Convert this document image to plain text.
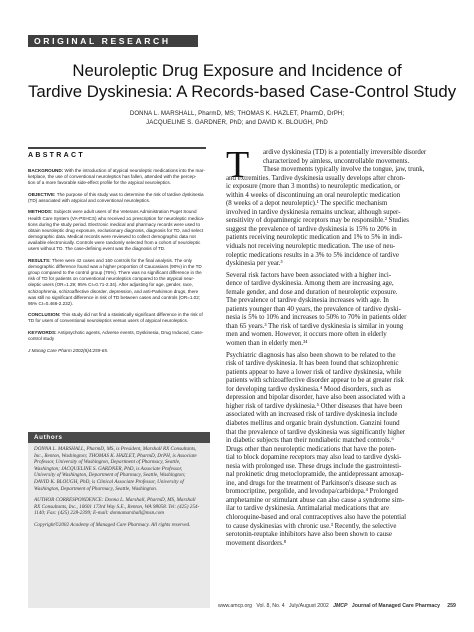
ORIGINAL RESEARCH
Neuroleptic Drug Exposure and Incidence of
Tardive Dyskinesia: A Records-based Case-Control Study
DONNA L. MARSHALL, PharmD, MS; THOMAS K. HAZLET, PharmD, DrPH;
JACQUELINE S. GARDNER, PhD; and DAVID K. BLOUGH, PhD
ABSTRACT
BACKGROUND: With the introduction of atypical neuroleptic medications into the mar-
ketplace, the use of conventional neuroleptics has fallen, attended with the percep-
tion of a more favorable side-effect profile for the atypical neuroleptics.
OBJECTIVE: The purpose of this study was to determine the risk of tardive dyskinesia
(TD) associated with atypical and conventional neuroleptics.
METHODS: Subjects were adult users of the Veterans Administration Puget Sound
Health Care System (VA-PSHCS) who received ≥1 prescription for neuroleptic medica-
tions during the study period. Electronic medical and pharmacy records were used to
obtain neuroleptic drug exposure, exclusionary diagnosis, diagnosis for TD, and select
demographic data. Medical records were reviewed to collect demographic data not
available electronically. Controls were randomly selected from a cohort of neuroleptic
users without TD. The case-defining event was the diagnosis of TD.
RESULTS: There were 42 cases and 160 controls for the final analysis. The only
demographic difference found was a higher proportion of Caucasians (90%) in the TD
group compared to the control group (76%). There was no significant difference in the
risk of TD for patients on conventional neuroleptics compared to the atypical neur-
oleptic users (OR=1.29; 95% CI=0.71-2.34). After adjusting for age, gender, race,
schizophrenia, schizoaffective disorder, depression, and anti-Parkinson drugs, there
was still no significant difference in risk of TD between cases and controls (OR=1.02;
95% CI=0.466-2.232).
CONCLUSION: This study did not find a statistically significant difference in the risk of
TD for users of conventional neuroleptics versus users of atypical neuroleptics.
KEYWORDS: Antipsychotic agents, Adverse events, Dyskinesia, Drug Induced, Case-
control study
J Manag Care Pharm 2002(8)4:259-65.
Authors
DONNA L. MARSHALL, PharmD, MS, is President, Marshall RX Consultants,
Inc., Renton, Washington; THOMAS K. HAZLET, PharmD, DrPH, is Associate
Professor, University of Washington, Department of Pharmacy, Seattle,
Washington; JACQUELINE S. GARDNER, PhD, is Associate Professor,
University of Washington, Department of Pharmacy, Seattle, Washington;
DAVID K. BLOUGH, PhD, is Clinical Associate Professor, University of
Washington, Department of Pharmacy, Seattle, Washington.
AUTHOR CORRESPONDENCE: Donna L. Marshall, PharmD, MS, Marshall
RX Consultants, Inc., 10601 173rd Way S.E., Renton, WA 98058. Tel: (425) 254-
1140; Fax: (425) 228-2399; E-mail: donnamarshall@msn.com
Copyright©2002 Academy of Managed Care Pharmacy. All rights reserved.
T	ardive dyskinesia (TD) is a potentially irreversible disorder
characterized by aimless, uncontrollable movements.
These movements typically involve the tongue, jaw, trunk,
and extremities. Tardive dyskinesia usually develops after chron-
ic exposure (more than 3 months) to neuroleptic medication, or
within 4 weeks of discontinuing an oral neuroleptic medication
(8 weeks of a depot neuroleptic).¹ The specific mechanism
involved in tardive dyskinesia remains unclear, although super-
sensitivity of dopaminergic receptors may be responsible.² Studies
suggest the prevalence of tardive dyskinesia is 15% to 20% in
patients receiving neuroleptic medication and 1% to 5% in indi-
viduals not receiving neuroleptic medication. The use of neu-
roleptic medications results in a 3% to 5% incidence of tardive
dyskinesia per year.³
Several risk factors have been associated with a higher inci-
dence of tardive dyskinesia. Among them are increasing age,
female gender, and dose and duration of neuroleptic exposure.
The prevalence of tardive dyskinesia increases with age. In
patients younger than 40 years, the prevalence of tardive dyski-
nesia is 5% to 10% and increases to 50% to 70% in patients older
than 65 years.³ The risk of tardive dyskinesia is similar in young
men and women. However, it occurs more often in elderly
women than in elderly men.³⁴
Psychiatric diagnosis has also been shown to be related to the
risk of tardive dyskinesia. It has been found that schizophrenic
patients appear to have a lower risk of tardive dyskinesia, while
patients with schizoaffective disorder appear to be at greater risk
for developing tardive dyskinesia.⁴ Mood disorders, such as
depression and bipolar disorder, have also been associated with a
higher risk of tardive dyskinesia.⁵ Other diseases that have been
associated with an increased risk of tardive dyskinesia include
diabetes mellitus and organic brain dysfunction. Ganzini found
that the prevalence of tardive dyskinesia was significantly higher
in diabetic subjects than their nondiabetic matched controls.⁶
Drugs other than neuroleptic medications that have the poten-
tial to block dopamine receptors may also lead to tardive dyski-
nesia with prolonged use. These drugs include the gastrointesti-
nal prokinetic drug metoclopramide, the antidepressant amoxap-
ine, and drugs for the treatment of Parkinson's disease such as
bromocriptine, pergolide, and levodopa/carbidopa.⁴ Prolonged
amphetamine or stimulant abuse can also cause a syndrome sim-
ilar to tardive dyskinesia. Antimalarial medications that are
chloroquine-based and oral contraceptives also have the potential
to cause dyskinesias with chronic use.³ Recently, the selective
serotonin-reuptake inhibitors have also been shown to cause
movement disorders.⁸
www.amcp.org Vol. 8, No. 4 July/August 2002 JMCP Journal of Managed Care Pharmacy 259
